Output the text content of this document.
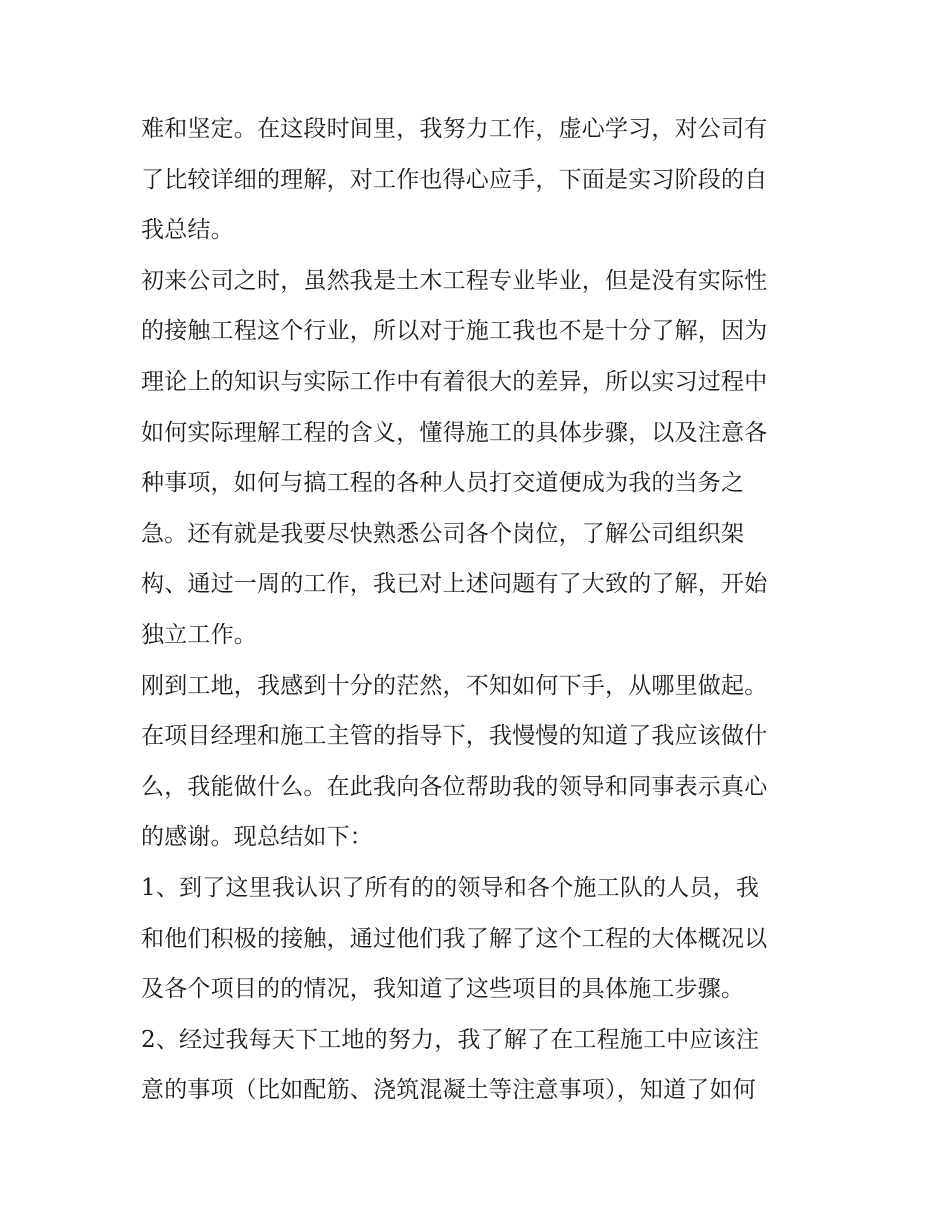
难和坚定。在这段时间里，我努力工作，虚心学习，对公司有
了比较详细的理解，对工作也得心应手，下面是实习阶段的自
我总结。
初来公司之时，虽然我是土木工程专业毕业，但是没有实际性
的接触工程这个行业，所以对于施工我也不是十分了解，因为
理论上的知识与实际工作中有着很大的差异，所以实习过程中
如何实际理解工程的含义，懂得施工的具体步骤，以及注意各
种事项，如何与搞工程的各种人员打交道便成为我的当务之
急。还有就是我要尽快熟悉公司各个岗位，了解公司组织架
构、通过一周的工作，我已对上述问题有了大致的了解，开始
独立工作。
刚到工地，我感到十分的茫然，不知如何下手，从哪里做起。
在项目经理和施工主管的指导下，我慢慢的知道了我应该做什
么，我能做什么。在此我向各位帮助我的领导和同事表示真心
的感谢。现总结如下：
1、到了这里我认识了所有的的领导和各个施工队的人员，我
和他们积极的接触，通过他们我了解了这个工程的大体概况以
及各个项目的的情况，我知道了这些项目的具体施工步骤。
2、经过我每天下工地的努力，我了解了在工程施工中应该注
意的事项（比如配筋、浇筑混凝土等注意事项），知道了如何
